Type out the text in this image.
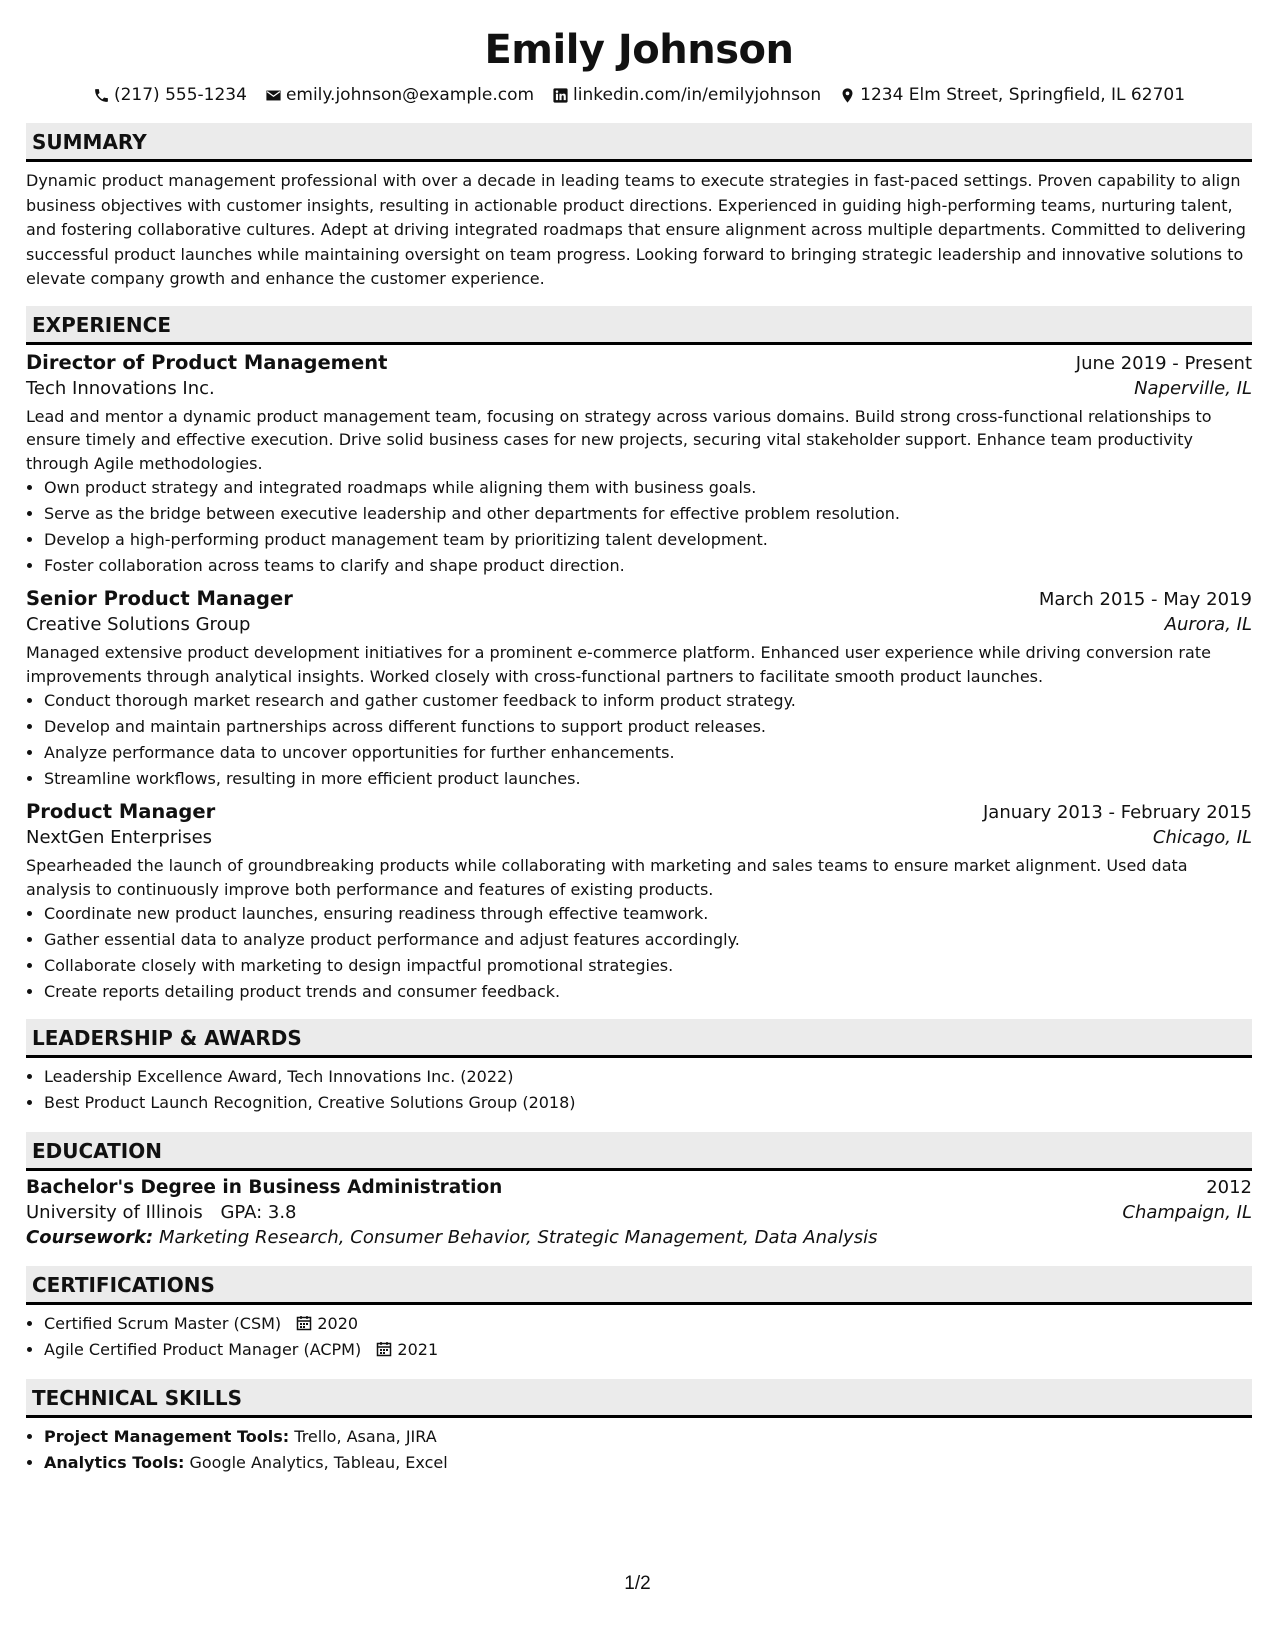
Emily Johnson
(217) 555-1234 emily.johnson@example.com linkedin.com/in/emilyjohnson 1234 Elm Street, Springfield, IL 62701
SUMMARY
Dynamic product management professional with over a decade in leading teams to execute strategies in fast-paced settings. Proven capability to align business objectives with customer insights, resulting in actionable product directions. Experienced in guiding high-performing teams, nurturing talent, and fostering collaborative cultures. Adept at driving integrated roadmaps that ensure alignment across multiple departments. Committed to delivering successful product launches while maintaining oversight on team progress. Looking forward to bringing strategic leadership and innovative solutions to elevate company growth and enhance the customer experience.
EXPERIENCE
Director of Product Management	June 2019 - Present
Tech Innovations Inc.	Naperville, IL
Lead and mentor a dynamic product management team, focusing on strategy across various domains. Build strong cross-functional relationships to ensure timely and effective execution. Drive solid business cases for new projects, securing vital stakeholder support. Enhance team productivity through Agile methodologies.
• Own product strategy and integrated roadmaps while aligning them with business goals.
• Serve as the bridge between executive leadership and other departments for effective problem resolution.
• Develop a high-performing product management team by prioritizing talent development.
• Foster collaboration across teams to clarify and shape product direction.
Senior Product Manager	March 2015 - May 2019
Creative Solutions Group	Aurora, IL
Managed extensive product development initiatives for a prominent e-commerce platform. Enhanced user experience while driving conversion rate improvements through analytical insights. Worked closely with cross-functional partners to facilitate smooth product launches.
• Conduct thorough market research and gather customer feedback to inform product strategy.
• Develop and maintain partnerships across different functions to support product releases.
• Analyze performance data to uncover opportunities for further enhancements.
• Streamline workflows, resulting in more efficient product launches.
Product Manager	January 2013 - February 2015
NextGen Enterprises	Chicago, IL
Spearheaded the launch of groundbreaking products while collaborating with marketing and sales teams to ensure market alignment. Used data analysis to continuously improve both performance and features of existing products.
• Coordinate new product launches, ensuring readiness through effective teamwork.
• Gather essential data to analyze product performance and adjust features accordingly.
• Collaborate closely with marketing to design impactful promotional strategies.
• Create reports detailing product trends and consumer feedback.
LEADERSHIP & AWARDS
• Leadership Excellence Award, Tech Innovations Inc. (2022)
• Best Product Launch Recognition, Creative Solutions Group (2018)
EDUCATION
Bachelor's Degree in Business Administration	2012
University of Illinois GPA: 3.8	Champaign, IL
Coursework: Marketing Research, Consumer Behavior, Strategic Management, Data Analysis
CERTIFICATIONS
• Certified Scrum Master (CSM) 2020
• Agile Certified Product Manager (ACPM) 2021
TECHNICAL SKILLS
• Project Management Tools: Trello, Asana, JIRA
• Analytics Tools: Google Analytics, Tableau, Excel
1/2
